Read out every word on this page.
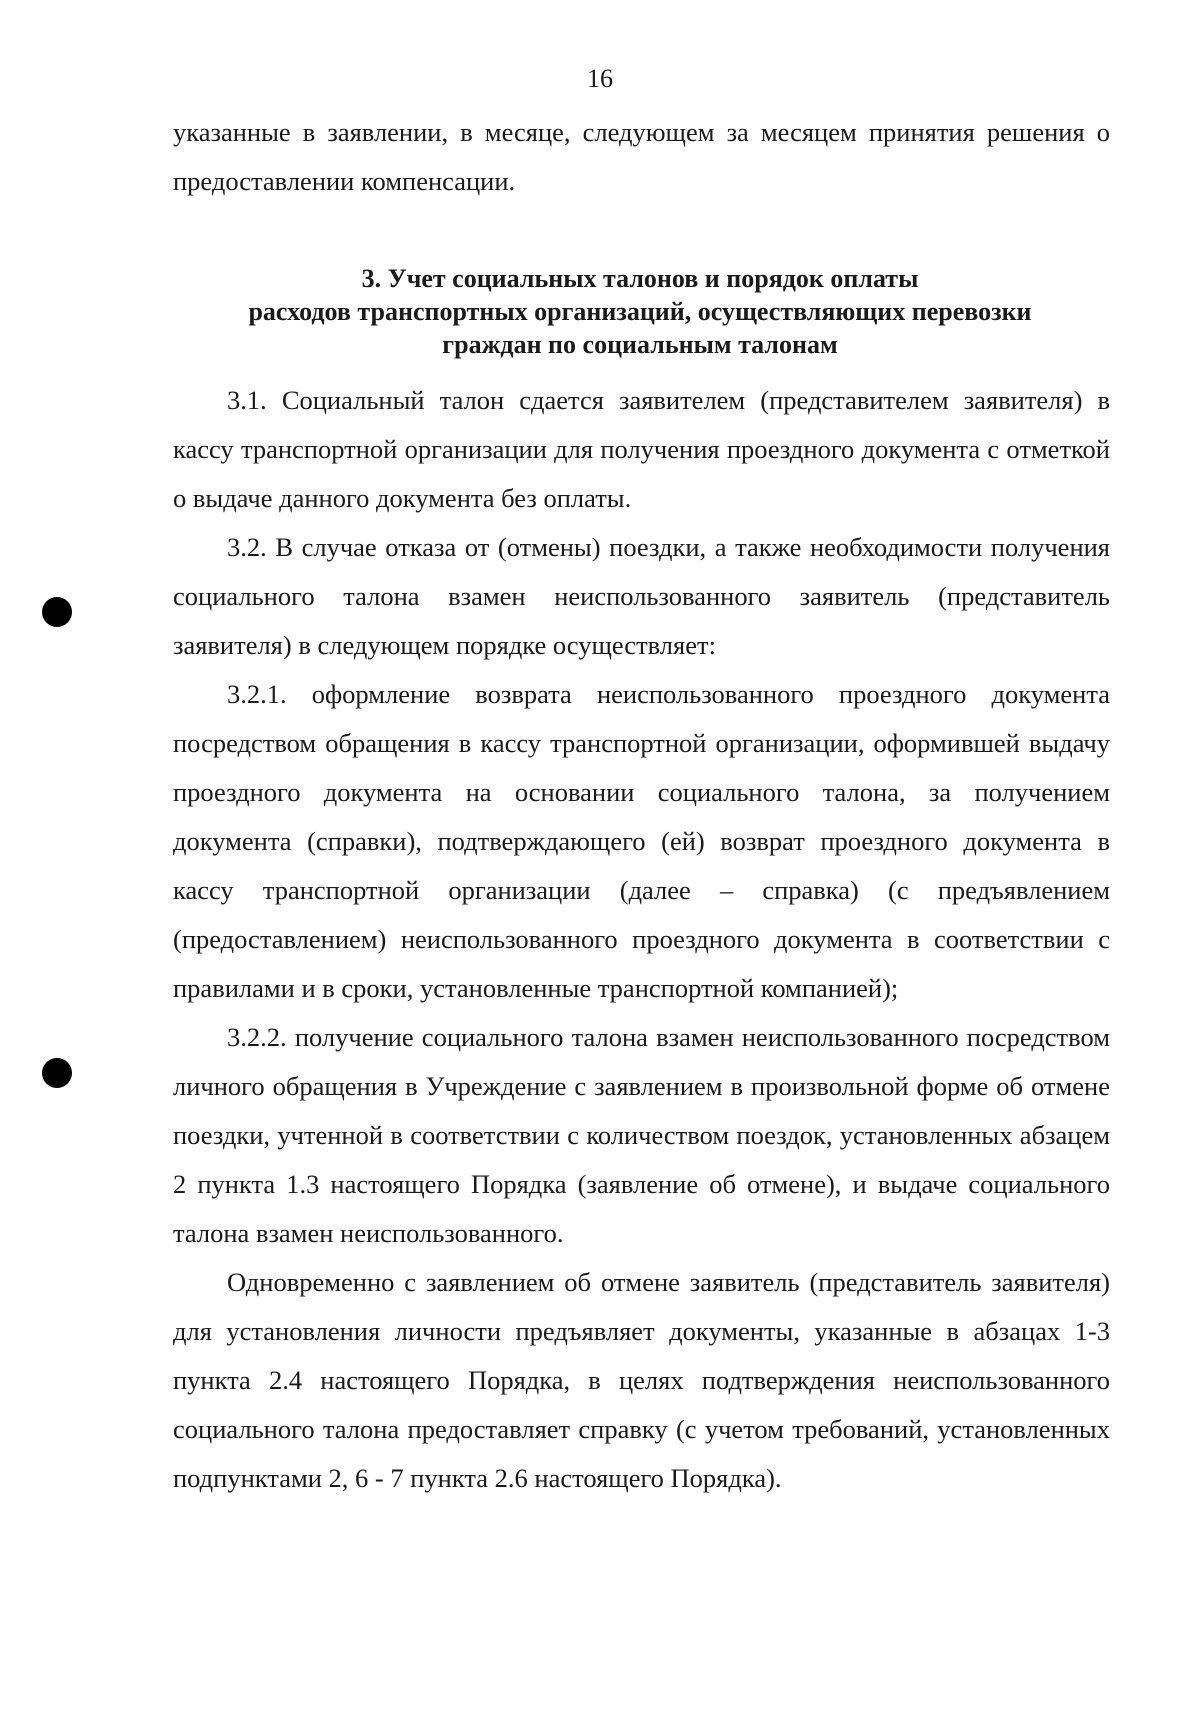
16

указанные в заявлении, в месяце, следующем за месяцем принятия решения о предоставлении компенсации.

3. Учет социальных талонов и порядок оплаты
расходов транспортных организаций, осуществляющих перевозки
граждан по социальным талонам

3.1. Социальный талон сдается заявителем (представителем заявителя) в кассу транспортной организации для получения проездного документа с отметкой о выдаче данного документа без оплаты.

3.2. В случае отказа от (отмены) поездки, а также необходимости получения социального талона взамен неиспользованного заявитель (представитель заявителя) в следующем порядке осуществляет:

3.2.1. оформление возврата неиспользованного проездного документа посредством обращения в кассу транспортной организации, оформившей выдачу проездного документа на основании социального талона, за получением документа (справки), подтверждающего (ей) возврат проездного документа в кассу транспортной организации (далее – справка) (с предъявлением (предоставлением) неиспользованного проездного документа в соответствии с правилами и в сроки, установленные транспортной компанией);

3.2.2. получение социального талона взамен неиспользованного посредством личного обращения в Учреждение с заявлением в произвольной форме об отмене поездки, учтенной в соответствии с количеством поездок, установленных абзацем 2 пункта 1.3 настоящего Порядка (заявление об отмене), и выдаче социального талона взамен неиспользованного.

Одновременно с заявлением об отмене заявитель (представитель заявителя) для установления личности предъявляет документы, указанные в абзацах 1-3 пункта 2.4 настоящего Порядка, в целях подтверждения неиспользованного социального талона предоставляет справку (с учетом требований, установленных подпунктами 2, 6 - 7 пункта 2.6 настоящего Порядка).
